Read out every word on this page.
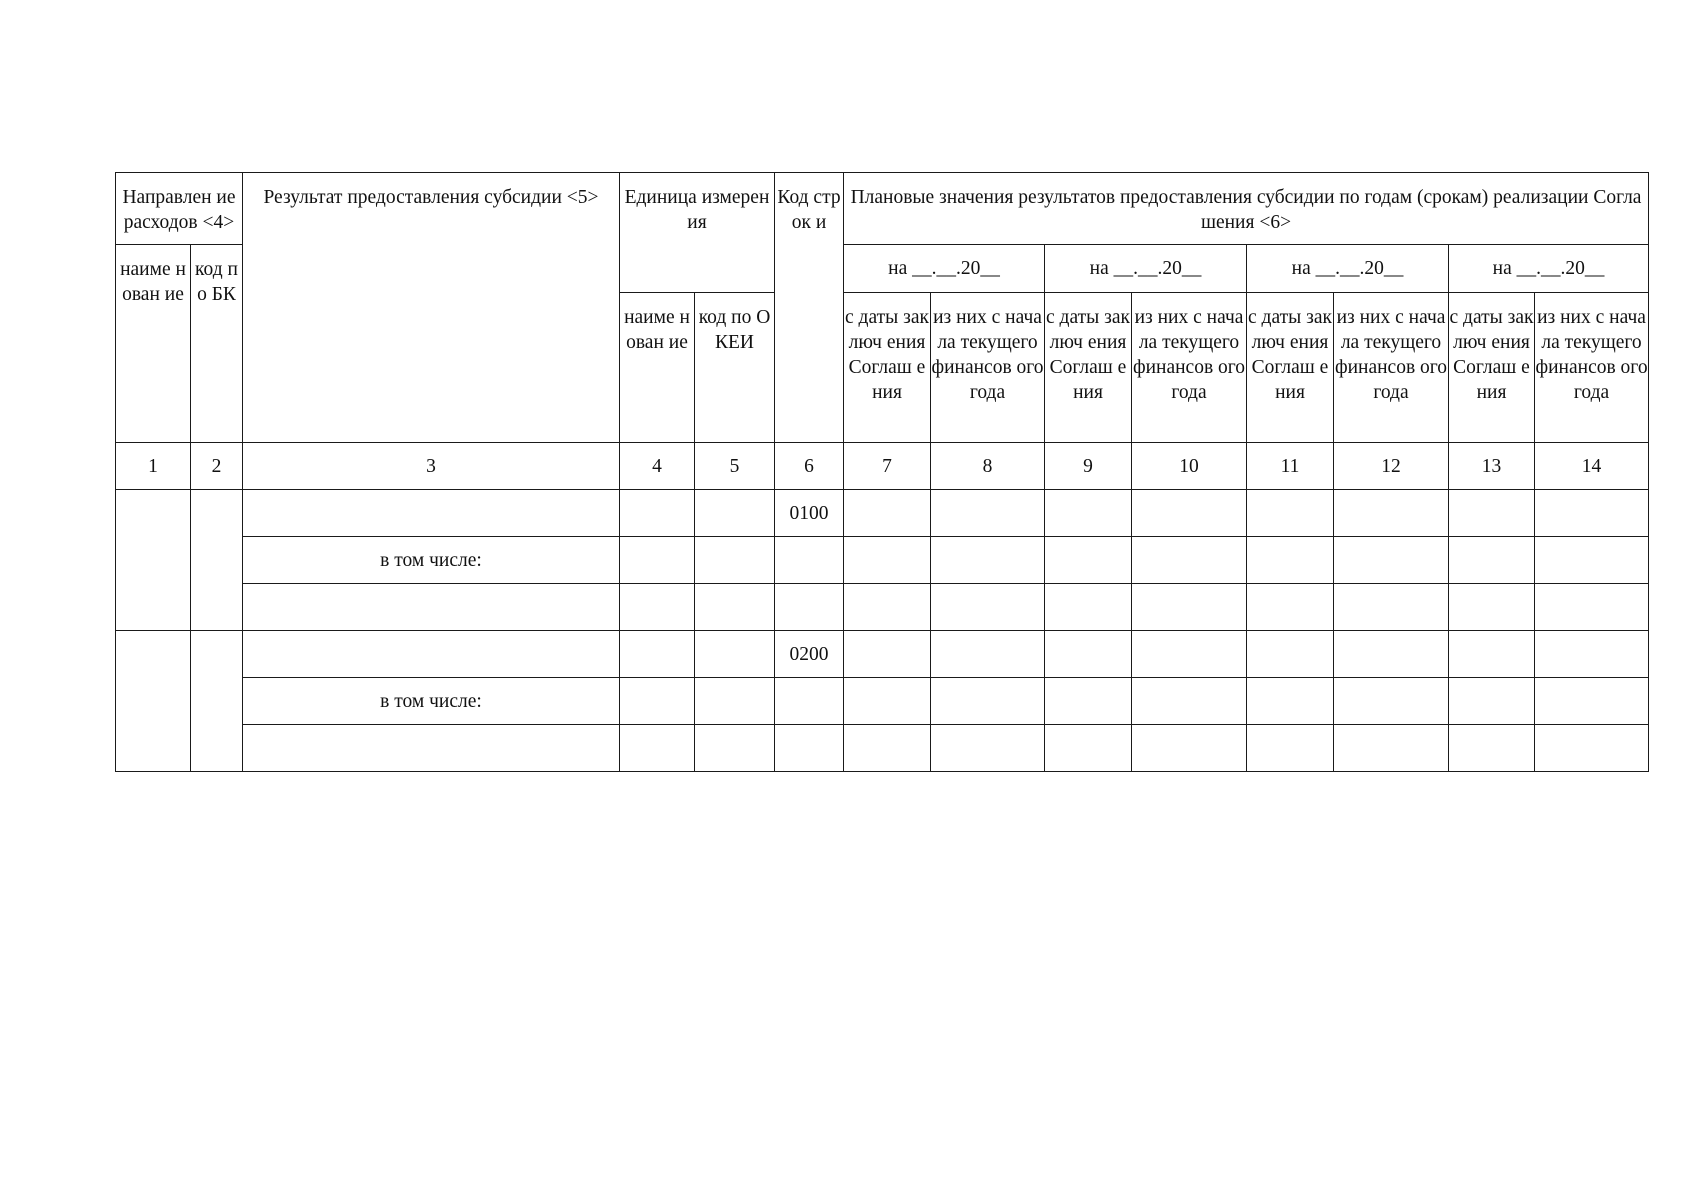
Направлен ие расходов <4>		Результат предоставления субсидии <5>	Единица измерения		Код строк и	Плановые значения результатов предоставления субсидии по годам (срокам) реализации Соглашения <6>							

наиме нован ие	код по БК					на __.__.20__		на __.__.20__		на __.__.20__		на __.__.20__	

			наиме нован ие	код по ОКЕИ		с даты заключ ения Соглаш ения	из них с начала текущего финансов ого года	с даты заключ ения Соглаш ения	из них с начала текущего финансов ого года	с даты заключ ения Соглаш ения	из них с начала текущего финансов ого года	с даты заключ ения Соглаш ения	из них с начала текущего финансов ого года

1	2	3	4	5	6	7	8	9	10	11	12	13	14
					0100								
		в том числе:											

					0200								
		в том числе:											
